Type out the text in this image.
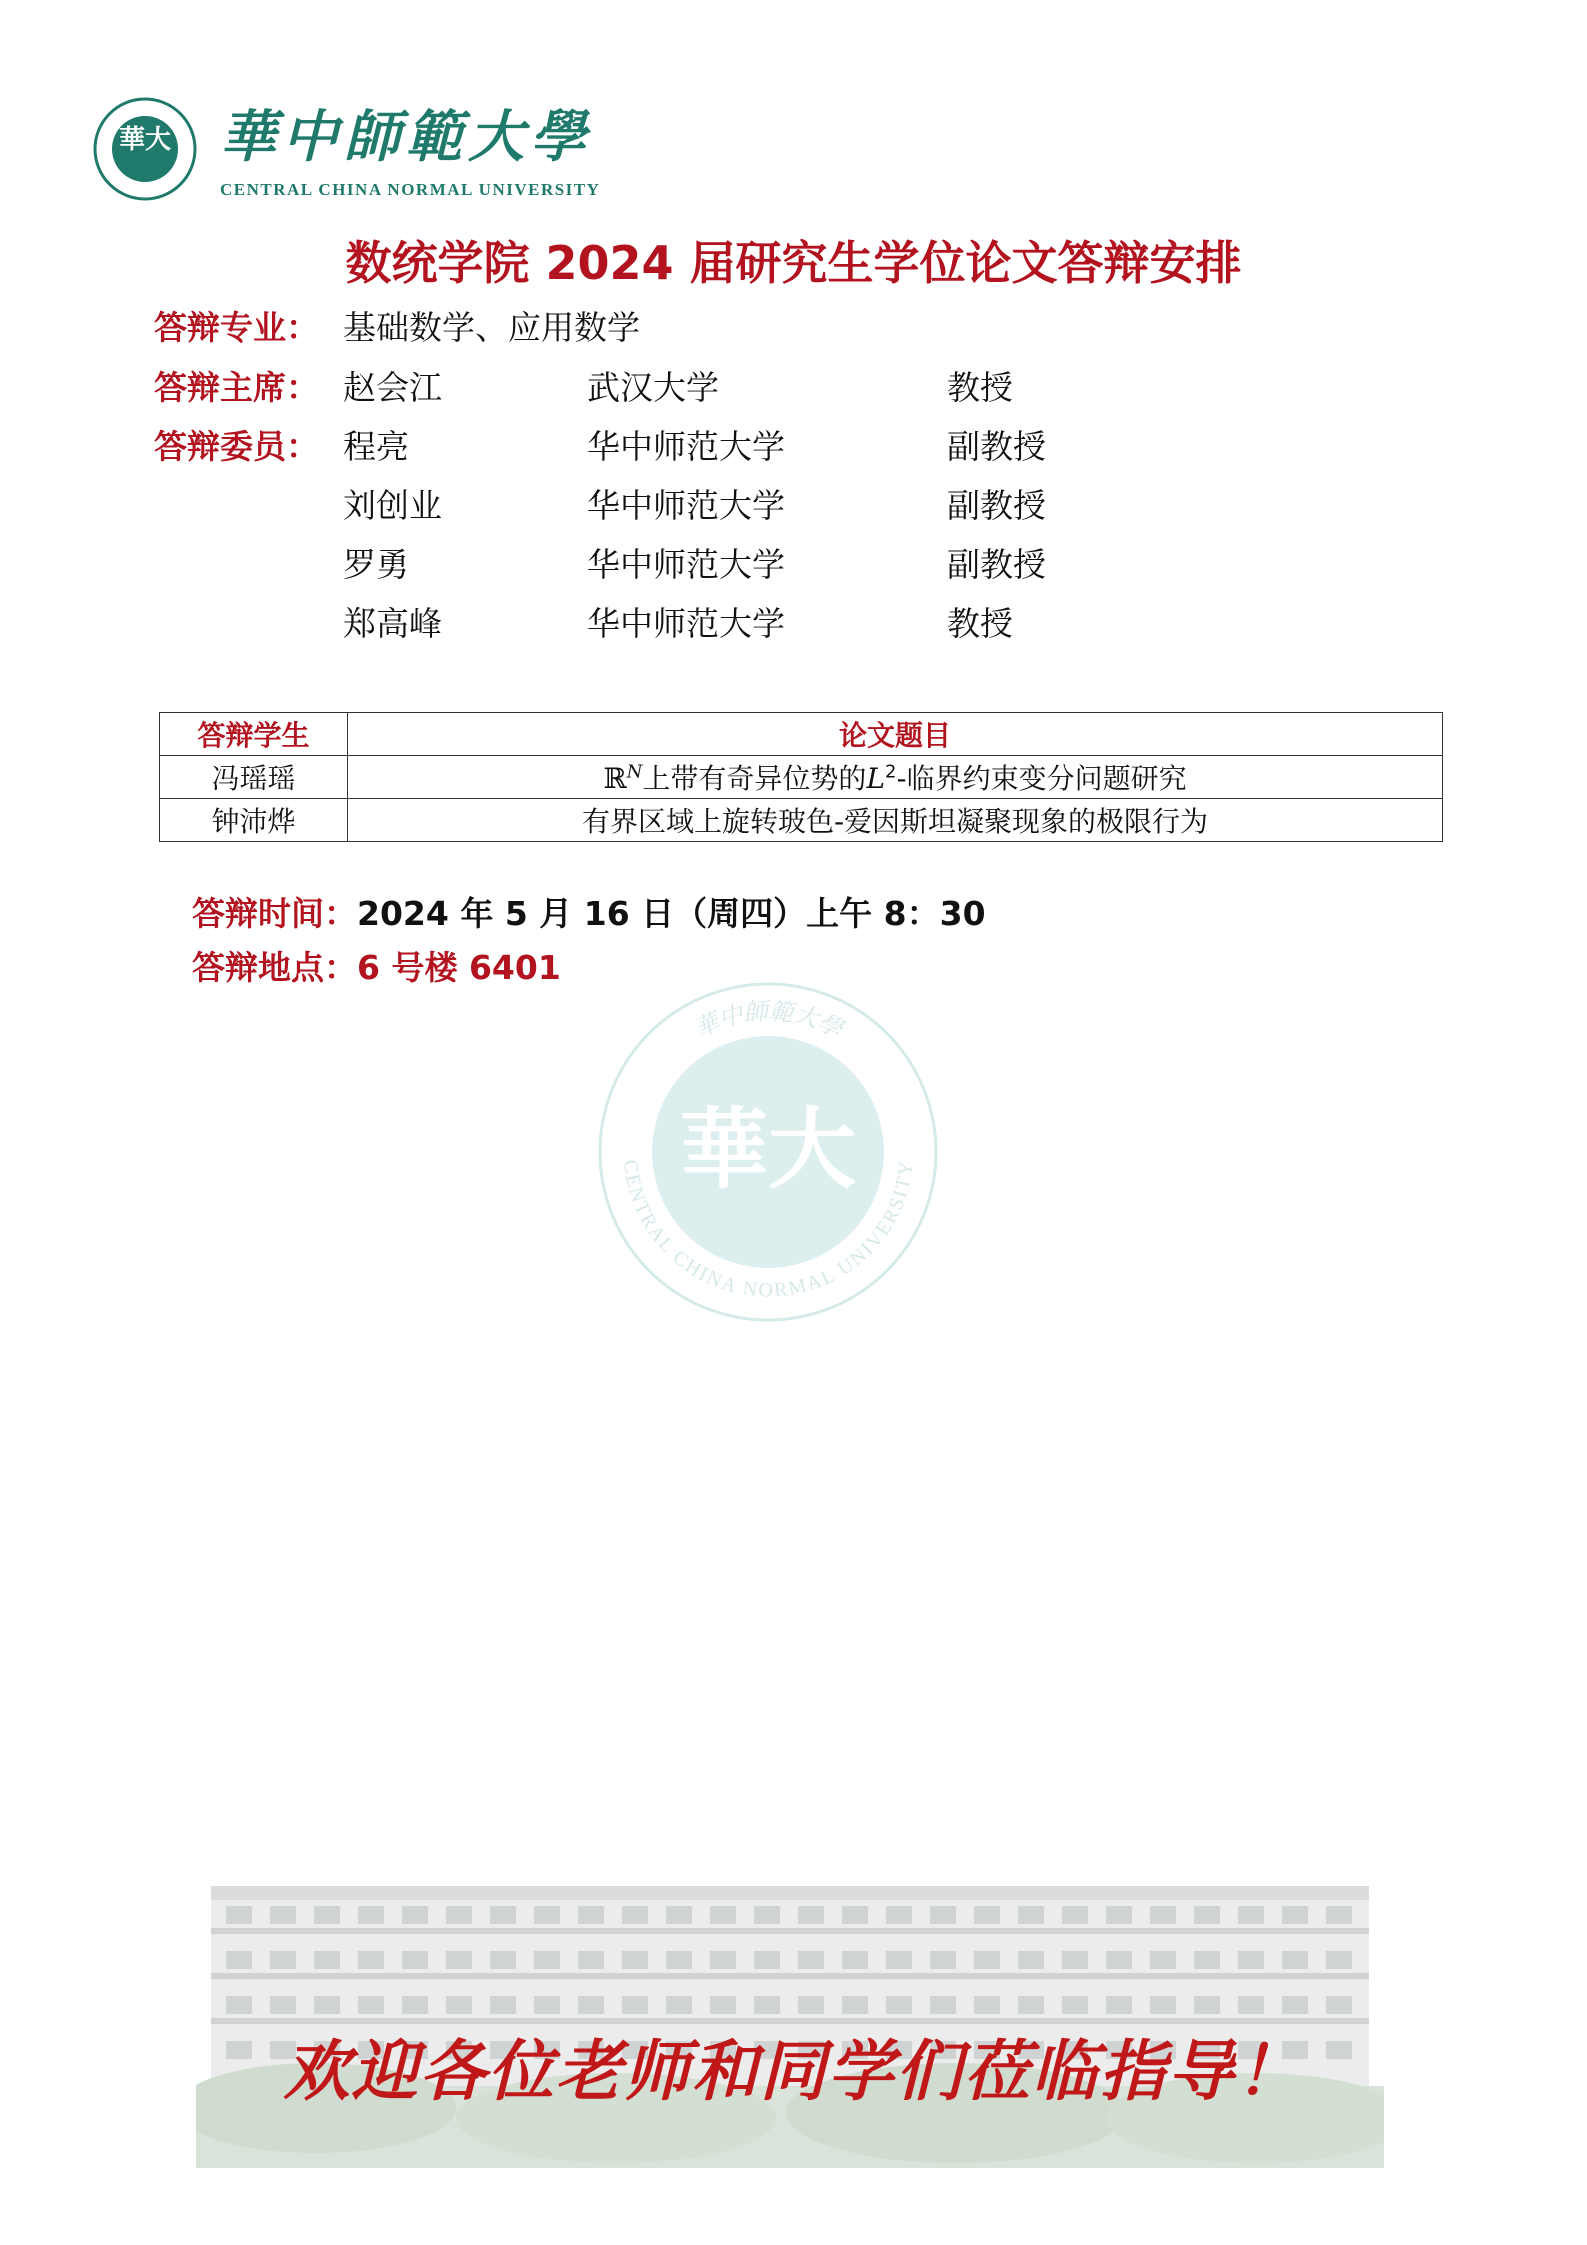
華大 華中師範大學
CENTRAL CHINA NORMAL UNIVERSITY
数统学院 2024 届研究生学位论文答辩安排
答辩专业： 基础数学、应用数学
答辩主席： 赵会江	武汉大学	教授
答辩委员： 程亮	华中师范大学	副教授
刘创业	华中师范大学	副教授
罗勇	华中师范大学	副教授
郑高峰	华中师范大学	教授
答辩学生	论文题目
冯瑶瑶	ℝ$^N$上带有奇异位势的$L^2-$临界约束变分问题研究
钟沛烨	有界区域上旋转玻色-爱因斯坦凝聚现象的极限行为
答辩时间：2024 年 5 月 16 日（周四）上午 8：30
答辩地点：6 号楼 6401
華中師範大學
CENTRAL CHINA NORMAL UNIVERSITY
華大
欢迎各位老师和同学们莅临指导！
